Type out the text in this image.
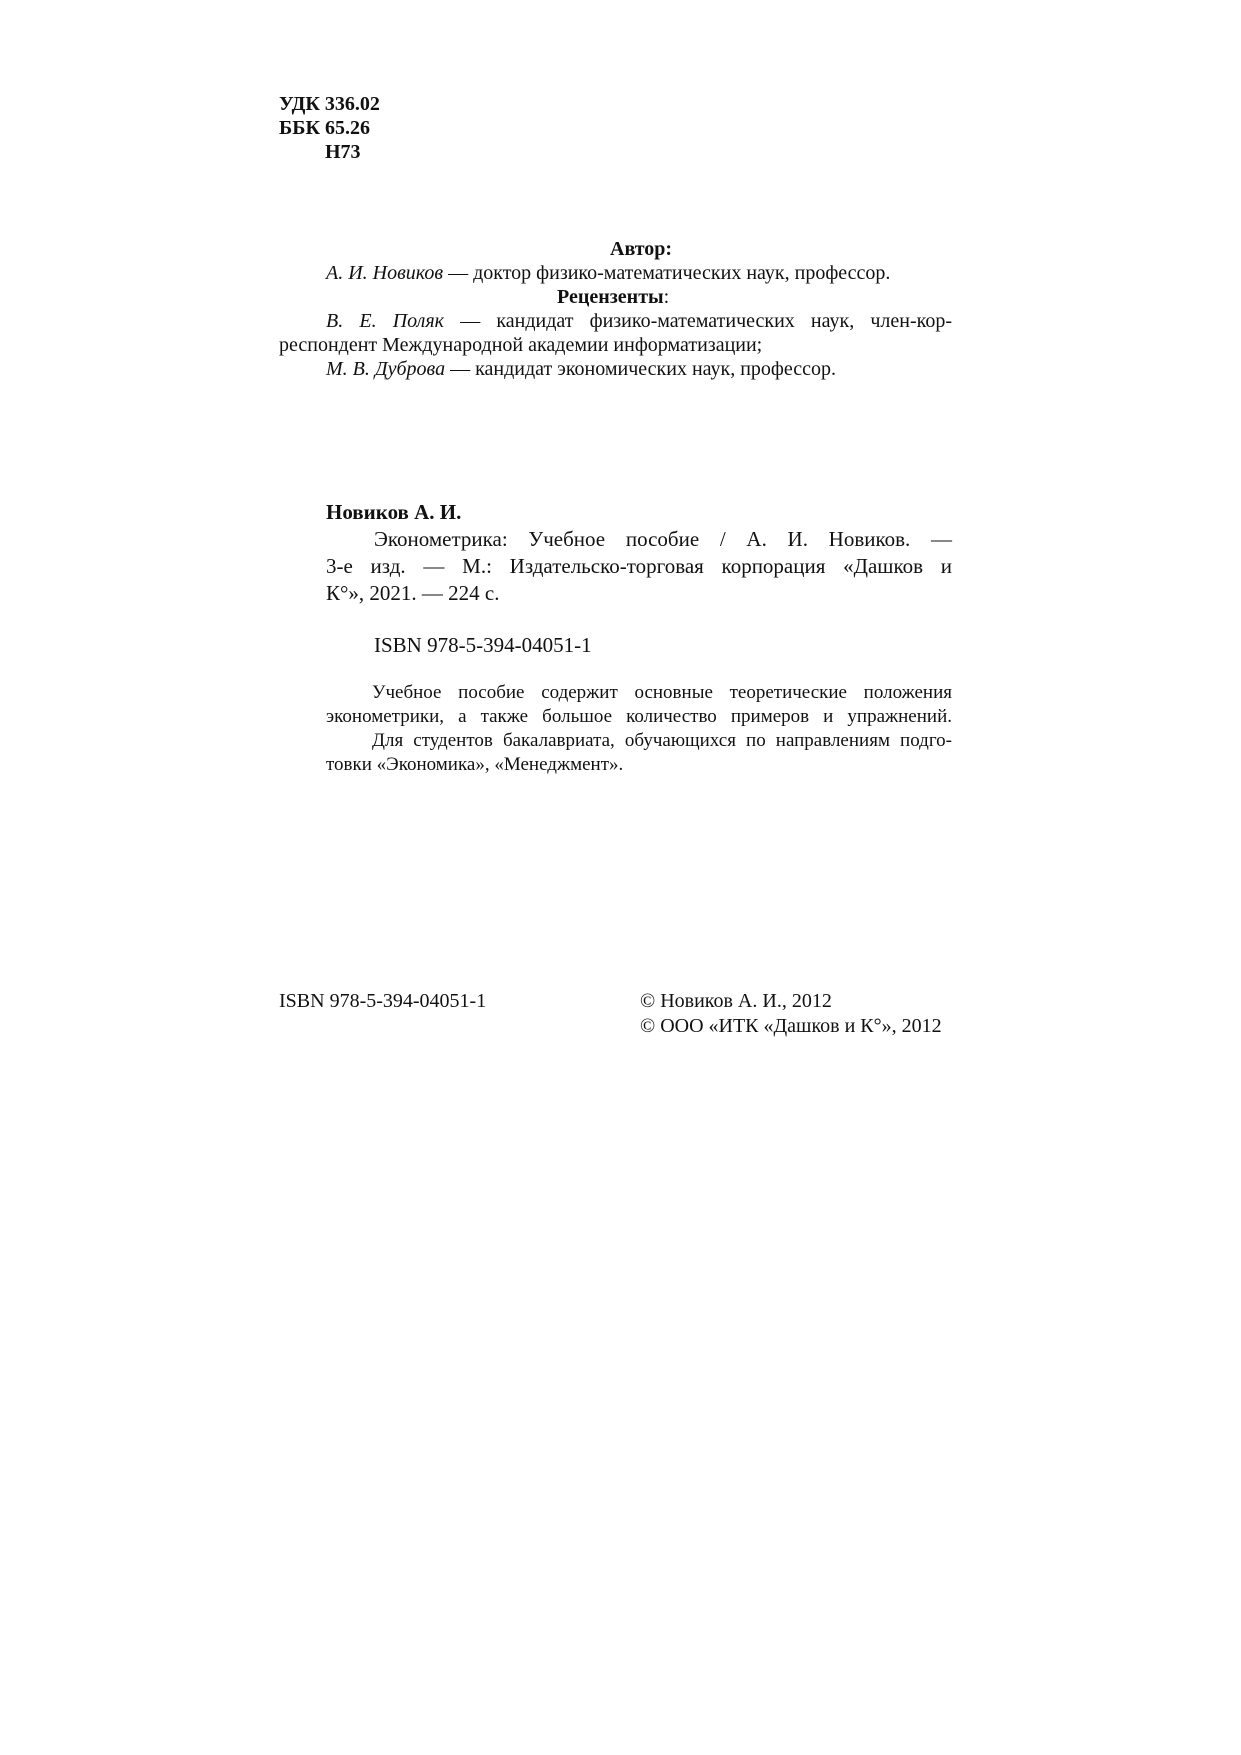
УДК 336.02
ББК 65.26
Н73
Автор:
А. И. Новиков — доктор физико-математических наук, профессор.
Рецензенты:
В. Е. Поляк — кандидат физико-математических наук, член-кор-
респондент Международной академии информатизации;
М. В. Дуброва — кандидат экономических наук, профессор.
Новиков А. И.
Эконометрика: Учебное пособие / А. И. Новиков. —
3-е изд. — М.: Издательско-торговая корпорация «Дашков и
К°», 2021. — 224 с.
ISBN 978-5-394-04051-1
Учебное пособие содержит основные теоретические положения
эконометрики, а также большое количество примеров и упражнений.
Для студентов бакалавриата, обучающихся по направлениям подго-
товки «Экономика», «Менеджмент».
ISBN 978-5-394-04051-1	© Новиков А. И., 2012
© ООО «ИТК «Дашков и К°», 2012
